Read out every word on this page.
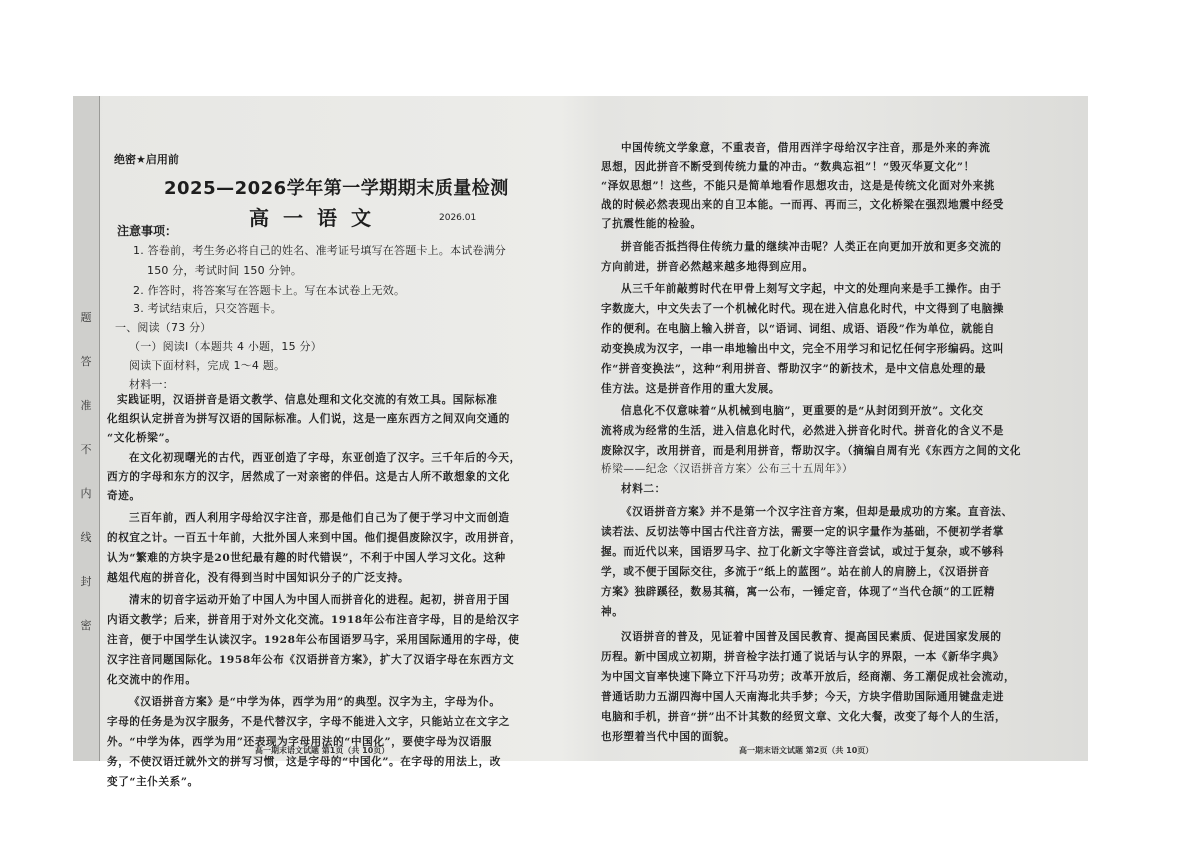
题
答
准
不
内
线
封
密
绝密★启用前
2025—2026学年第一学期期末质量检测
高一语文	2026.01
注意事项：
1. 答卷前，考生务必将自己的姓名、准考证号填写在答题卡上。本试卷满分
150 分，考试时间 150 分钟。
2. 作答时，将答案写在答题卡上。写在本试卷上无效。
3. 考试结束后，只交答题卡。
一、阅读（73 分）
（一）阅读Ⅰ（本题共 4 小题，15 分）
阅读下面材料，完成 1～4 题。
材料一：
实践证明，汉语拼音是语文教学、信息处理和文化交流的有效工具。国际标准
化组织认定拼音为拼写汉语的国际标准。人们说，这是一座东西方之间双向交通的
“文化桥梁”。
在文化初现曙光的古代，西亚创造了字母，东亚创造了汉字。三千年后的今天，
西方的字母和东方的汉字，居然成了一对亲密的伴侣。这是古人所不敢想象的文化
奇迹。
三百年前，西人利用字母给汉字注音，那是他们自己为了便于学习中文而创造
的权宜之计。一百五十年前，大批外国人来到中国。他们提倡废除汉字，改用拼音，
认为“繁难的方块字是20世纪最有趣的时代错误”，不利于中国人学习文化。这种
越俎代庖的拼音化，没有得到当时中国知识分子的广泛支持。
清末的切音字运动开始了中国人为中国人而拼音化的进程。起初，拼音用于国
内语文教学；后来，拼音用于对外文化交流。1918年公布注音字母，目的是给汉字
注音，便于中国学生认读汉字。1928年公布国语罗马字，采用国际通用的字母，使
汉字注音同题国际化。1958年公布《汉语拼音方案》，扩大了汉语字母在东西方文
化交流中的作用。
《汉语拼音方案》是“中学为体，西学为用”的典型。汉字为主，字母为仆。
字母的任务是为汉字服务，不是代替汉字，字母不能进入文字，只能站立在文字之
外。“中学为体，西学为用”还表现为字母用法的“中国化”，要使字母为汉语服
务，不使汉语迁就外文的拼写习惯，这是字母的“中国化”。在字母的用法上，改
变了“主仆关系”。
高一期末语文试题 第1页（共 10页）
中国传统文学象意，不重表音，借用西洋字母给汉字注音，那是外来的奔流
思想，因此拼音不断受到传统力量的冲击。“数典忘祖”！“毁灭华夏文化”！
“泽奴思想”！这些，不能只是简单地看作思想攻击，这是是传统文化面对外来挑
战的时候必然表现出来的自卫本能。一而再、再而三，文化桥梁在强烈地震中经受
了抗震性能的检验。
拼音能否抵挡得住传统力量的继续冲击呢？人类正在向更加开放和更多交流的
方向前进，拼音必然越来越多地得到应用。
从三千年前敲剪时代在甲骨上刻写文字起，中文的处理向来是手工操作。由于
字数庞大，中文失去了一个机械化时代。现在进入信息化时代，中文得到了电脑操
作的便利。在电脑上输入拼音，以“语词、词组、成语、语段”作为单位，就能自
动变换成为汉字，一串一串地输出中文，完全不用学习和记忆任何字形编码。这叫
作“拼音变换法”，这种“利用拼音、帮助汉字”的新技术，是中文信息处理的最
佳方法。这是拼音作用的重大发展。
信息化不仅意味着“从机械到电脑”，更重要的是“从封闭到开放”。文化交
流将成为经常的生活，进入信息化时代，必然进入拼音化时代。拼音化的含义不是
废除汉字，改用拼音，而是利用拼音，帮助汉字。（摘编自周有光《东西方之间的文化
桥梁——纪念〈汉语拼音方案〉公布三十五周年》）
材料二：
《汉语拼音方案》并不是第一个汉字注音方案，但却是最成功的方案。直音法、
读若法、反切法等中国古代注音方法，需要一定的识字量作为基础，不便初学者掌
握。而近代以来，国语罗马字、拉丁化新文字等注音尝试，或过于复杂，或不够科
学，或不便于国际交往，多流于“纸上的蓝图”。站在前人的肩膀上，《汉语拼音
方案》独辟蹊径，数易其稿，寓一公布，一锤定音，体现了“当代仓颉”的工匠精
神。
汉语拼音的普及，见证着中国普及国民教育、提高国民素质、促进国家发展的
历程。新中国成立初期，拼音检字法打通了说话与认字的界限，一本《新华字典》
为中国文盲率快速下降立下汗马功劳；改革开放后，经商潮、务工潮促成社会流动，
普通话助力五湖四海中国人天南海北共手梦；今天，方块字借助国际通用键盘走进
电脑和手机，拼音“拼”出不计其数的经贸文章、文化大餐，改变了每个人的生活，
也形塑着当代中国的面貌。
高一期末语文试题 第2页（共 10页）
